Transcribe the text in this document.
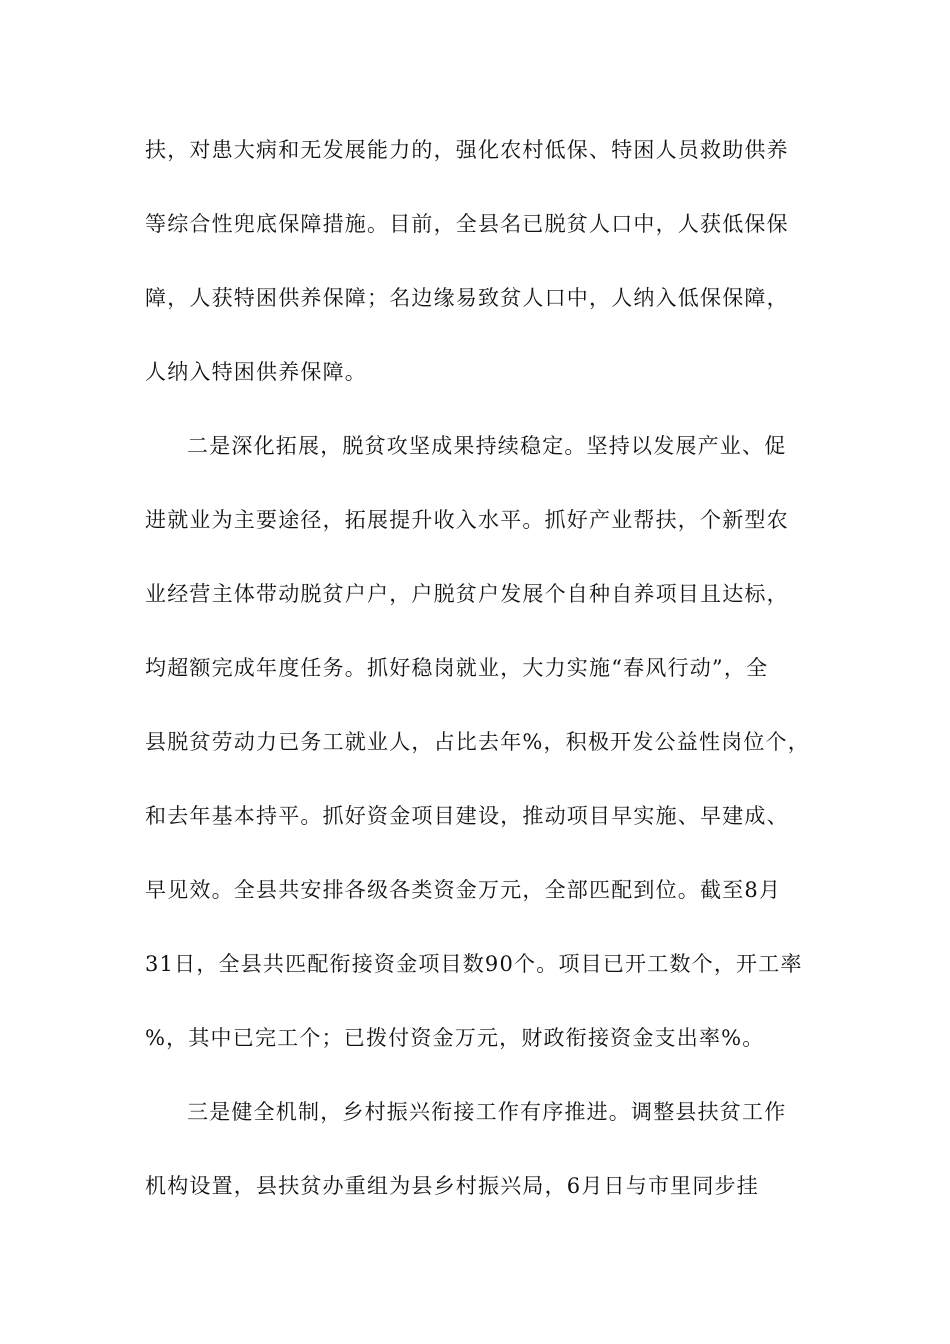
扶，对患大病和无发展能力的，强化农村低保、特困人员救助供养
等综合性兜底保障措施。目前，全县名已脱贫人口中，人获低保保
障，人获特困供养保障；名边缘易致贫人口中，人纳入低保保障，
人纳入特困供养保障。
二是深化拓展，脱贫攻坚成果持续稳定。坚持以发展产业、促
进就业为主要途径，拓展提升收入水平。抓好产业帮扶，个新型农
业经营主体带动脱贫户户，户脱贫户发展个自种自养项目且达标，
均超额完成年度任务。抓好稳岗就业，大力实施“春风行动”，全
县脱贫劳动力已务工就业人，占比去年%，积极开发公益性岗位个，
和去年基本持平。抓好资金项目建设，推动项目早实施、早建成、
早见效。全县共安排各级各类资金万元，全部匹配到位。截至8月
31日，全县共匹配衔接资金项目数90个。项目已开工数个，开工率
%，其中已完工个；已拨付资金万元，财政衔接资金支出率%。
三是健全机制，乡村振兴衔接工作有序推进。调整县扶贫工作
机构设置，县扶贫办重组为县乡村振兴局，6月日与市里同步挂
